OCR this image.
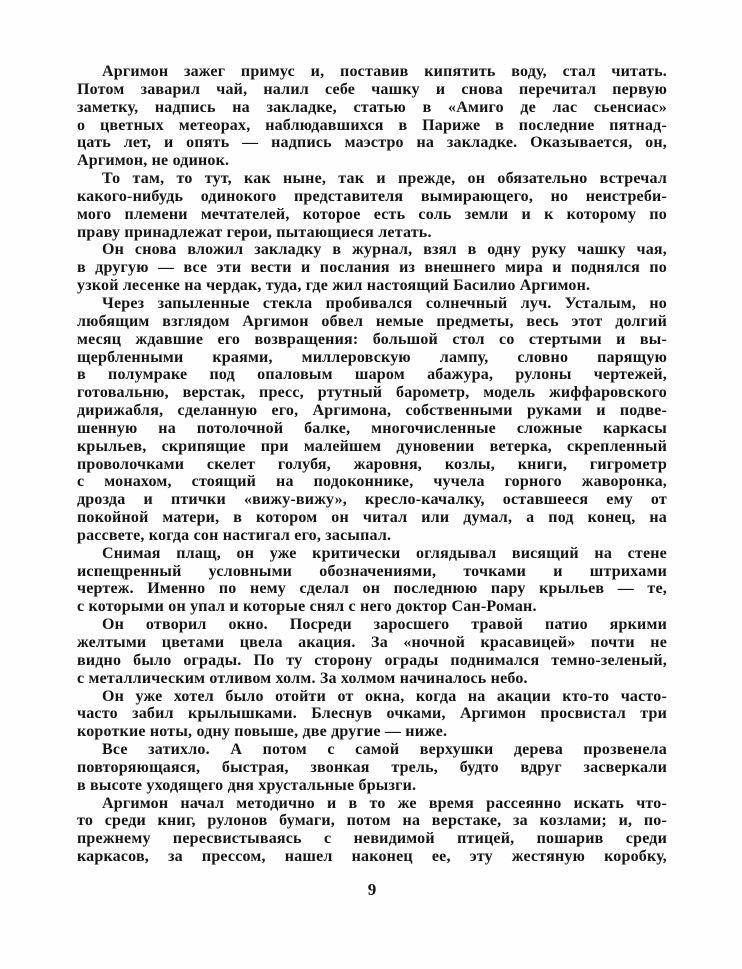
Аргимон зажег примус и, поставив кипятить воду, стал читать.
Потом заварил чай, налил себе чашку и снова перечитал первую
заметку, надпись на закладке, статью в «Амиго де лас сьенсиас»
о цветных метеорах, наблюдавшихся в Париже в последние пятнад-
цать лет, и опять — надпись маэстро на закладке. Оказывается, он,
Аргимон, не одинок.

То там, то тут, как ныне, так и прежде, он обязательно встречал
какого-нибудь одинокого представителя вымирающего, но неистреби-
мого племени мечтателей, которое есть соль земли и к которому по
праву принадлежат герои, пытающиеся летать.

Он снова вложил закладку в журнал, взял в одну руку чашку чая,
в другую — все эти вести и послания из внешнего мира и поднялся по
узкой лесенке на чердак, туда, где жил настоящий Басилио Аргимон.

Через запыленные стекла пробивался солнечный луч. Усталым, но
любящим взглядом Аргимон обвел немые предметы, весь этот долгий
месяц ждавшие его возвращения: большой стол со стертыми и вы-
щербленными краями, миллеровскую лампу, словно парящую
в полумраке под опаловым шаром абажура, рулоны чертежей,
готовальню, верстак, пресс, ртутный барометр, модель жиффаровского
дирижабля, сделанную его, Аргимона, собственными руками и подве-
шенную на потолочной балке, многочисленные сложные каркасы
крыльев, скрипящие при малейшем дуновении ветерка, скрепленный
проволочками скелет голубя, жаровня, козлы, книги, гигрометр
с монахом, стоящий на подоконнике, чучела горного жаворонка,
дрозда и птички «вижу-вижу», кресло-качалку, оставшееся ему от
покойной матери, в котором он читал или думал, а под конец, на
рассвете, когда сон настигал его, засыпал.

Снимая плащ, он уже критически оглядывал висящий на стене
испещренный условными обозначениями, точками и штрихами
чертеж. Именно по нему сделал он последнюю пару крыльев — те,
с которыми он упал и которые снял с него доктор Сан-Роман.

Он отворил окно. Посреди заросшего травой патио яркими
желтыми цветами цвела акация. За «ночной красавицей» почти не
видно было ограды. По ту сторону ограды поднимался темно-зеленый,
с металлическим отливом холм. За холмом начиналось небо.

Он уже хотел было отойти от окна, когда на акации кто-то часто-
часто забил крылышками. Блеснув очками, Аргимон просвистал три
короткие ноты, одну повыше, две другие — ниже.

Все затихло. А потом с самой верхушки дерева прозвенела
повторяющаяся, быстрая, звонкая трель, будто вдруг засверкали
в высоте уходящего дня хрустальные брызги.

Аргимон начал методично и в то же время рассеянно искать что-
то среди книг, рулонов бумаги, потом на верстаке, за козлами; и, по-
прежнему пересвистываясь с невидимой птицей, пошарив среди
каркасов, за прессом, нашел наконец ее, эту жестяную коробку,

9
